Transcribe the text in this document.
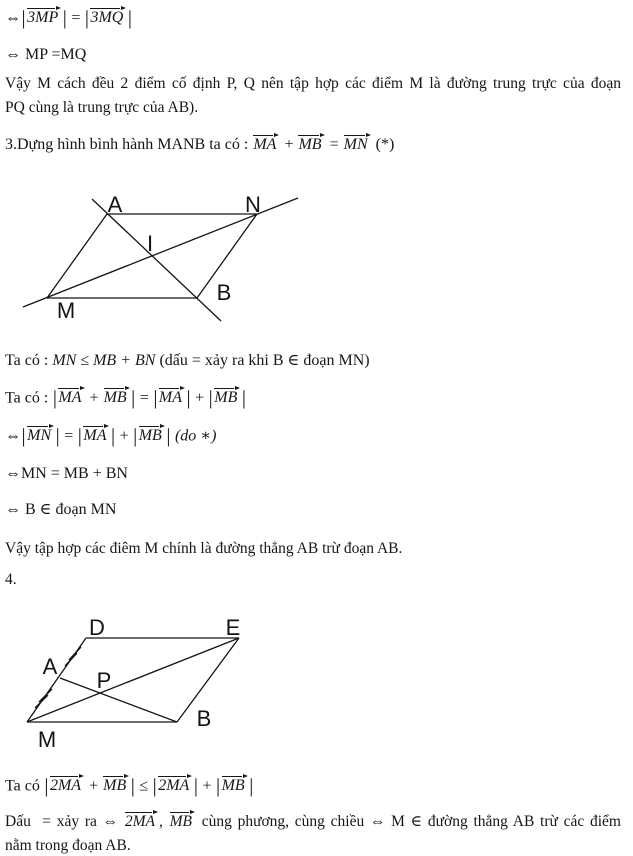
⇔|3MP | = |3MQ |
⇔ MP =MQ
Vậy M cách đều 2 điểm cố định P, Q nên tập hợp các điểm M là đường trung trực của đoạn
PQ cùng là trung trực của AB).
3.Dựng hình bình hành MANB ta có : MA + MB = MN (*)
A	N
I
M
B
D	E
A
P
M
B
Ta có : MN ≤ MB + BN (dấu = xảy ra khi B ∈ đoạn MN)
Ta có : |MA + MB | = |MA | + |MB |
⇔|MN | = |MA | + |MB | (do ∗)
⇔MN = MB + BN
⇔ B ∈ đoạn MN
Vậy tập hợp các điêm M chính là đường thẳng AB trừ đoạn AB.
4.
Ta có |2MA + MB | ≤ |2MA | + |MB |
Dấu  = xảy ra ⇔ 2MA , MB cùng phương, cùng chiều ⇔ M ∈ đường thẳng AB trừ các điểm
nằm trong đoạn AB.
